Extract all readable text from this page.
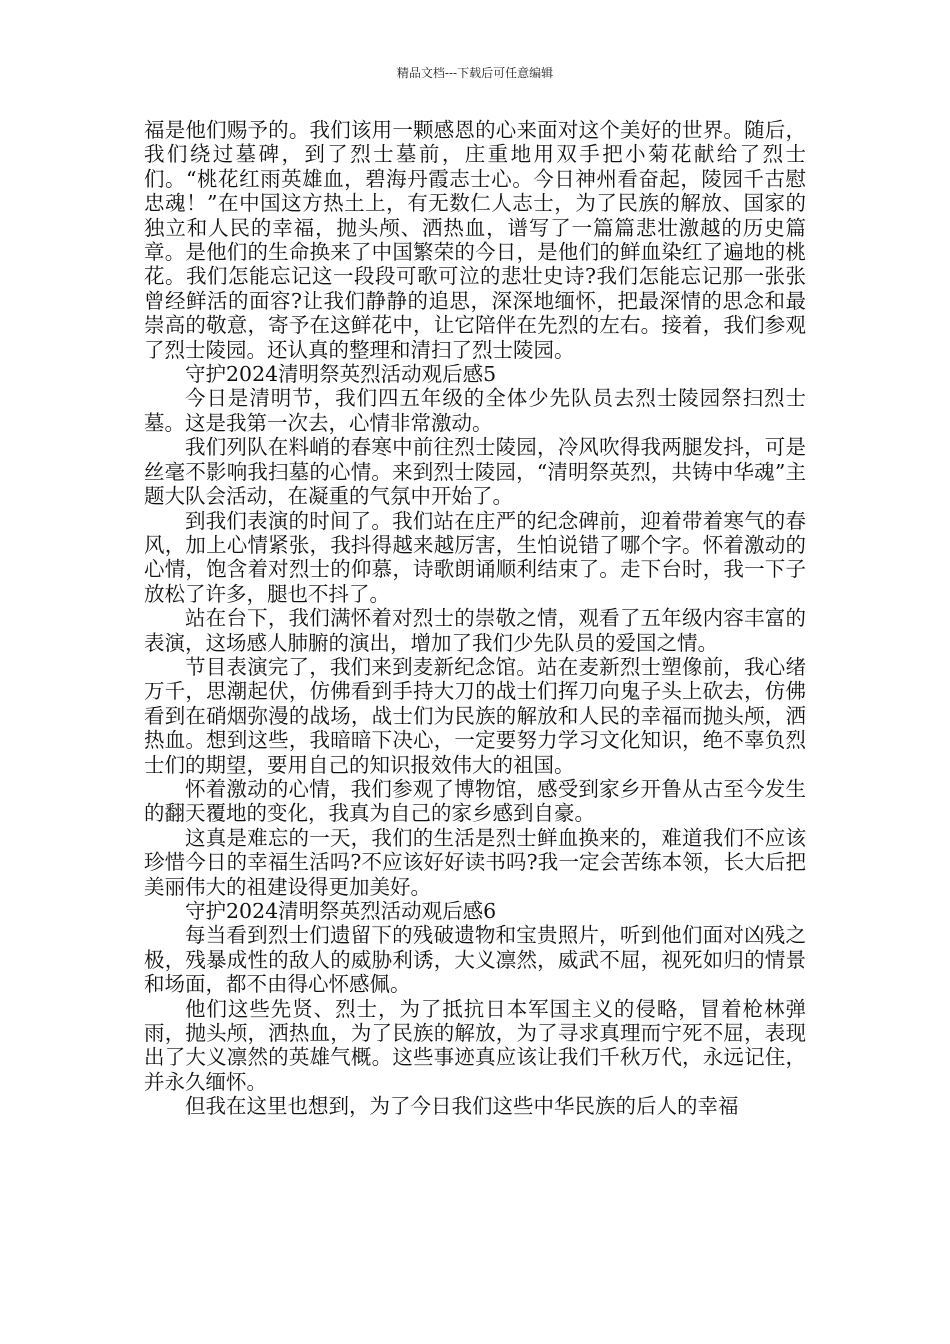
精品文档---下载后可任意编辑

福是他们赐予的。我们该用一颗感恩的心来面对这个美好的世界。随后，我们绕过墓碑，到了烈士墓前，庄重地用双手把小菊花献给了烈士们。“桃花红雨英雄血，碧海丹霞志士心。今日神州看奋起，陵园千古慰忠魂！”在中国这方热土上，有无数仁人志士，为了民族的解放、国家的独立和人民的幸福，抛头颅、洒热血，谱写了一篇篇悲壮激越的历史篇章。是他们的生命换来了中国繁荣的今日，是他们的鲜血染红了遍地的桃花。我们怎能忘记这一段段可歌可泣的悲壮史诗?我们怎能忘记那一张张曾经鲜活的面容?让我们静静的追思，深深地缅怀，把最深情的思念和最崇高的敬意，寄予在这鲜花中，让它陪伴在先烈的左右。接着，我们参观了烈士陵园。还认真的整理和清扫了烈士陵园。

守护2024清明祭英烈活动观后感5

今日是清明节，我们四五年级的全体少先队员去烈士陵园祭扫烈士墓。这是我第一次去，心情非常激动。

我们列队在料峭的春寒中前往烈士陵园，冷风吹得我两腿发抖，可是丝毫不影响我扫墓的心情。来到烈士陵园，“清明祭英烈，共铸中华魂”主题大队会活动，在凝重的气氛中开始了。

到我们表演的时间了。我们站在庄严的纪念碑前，迎着带着寒气的春风，加上心情紧张，我抖得越来越厉害，生怕说错了哪个字。怀着激动的心情，饱含着对烈士的仰慕，诗歌朗诵顺利结束了。走下台时，我一下子放松了许多，腿也不抖了。

站在台下，我们满怀着对烈士的崇敬之情，观看了五年级内容丰富的表演，这场感人肺腑的演出，增加了我们少先队员的爱国之情。

节目表演完了，我们来到麦新纪念馆。站在麦新烈士塑像前，我心绪万千，思潮起伏，仿佛看到手持大刀的战士们挥刀向鬼子头上砍去，仿佛看到在硝烟弥漫的战场，战士们为民族的解放和人民的幸福而抛头颅，洒热血。想到这些，我暗暗下决心，一定要努力学习文化知识，绝不辜负烈士们的期望，要用自己的知识报效伟大的祖国。

怀着激动的心情，我们参观了博物馆，感受到家乡开鲁从古至今发生的翻天覆地的变化，我真为自己的家乡感到自豪。

这真是难忘的一天，我们的生活是烈士鲜血换来的，难道我们不应该珍惜今日的幸福生活吗?不应该好好读书吗?我一定会苦练本领，长大后把美丽伟大的祖建设得更加美好。

守护2024清明祭英烈活动观后感6

每当看到烈士们遗留下的残破遗物和宝贵照片，听到他们面对凶残之极，残暴成性的敌人的威胁利诱，大义凛然，威武不屈，视死如归的情景和场面，都不由得心怀感佩。

他们这些先贤、烈士，为了抵抗日本军国主义的侵略，冒着枪林弹雨，抛头颅，洒热血，为了民族的解放，为了寻求真理而宁死不屈，表现出了大义凛然的英雄气概。这些事迹真应该让我们千秋万代，永远记住，并永久缅怀。

但我在这里也想到，为了今日我们这些中华民族的后人的幸福
